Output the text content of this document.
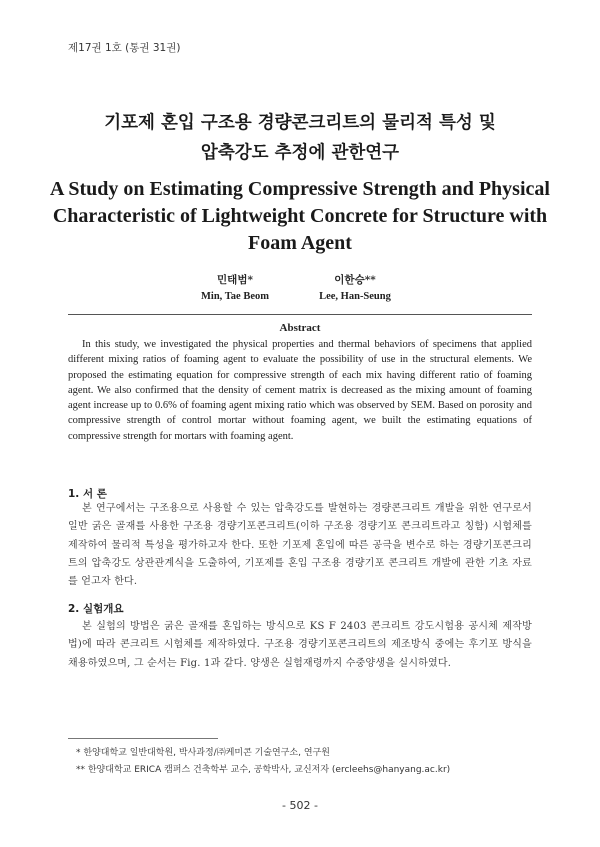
제17권 1호 (통권 31권)
기포제 혼입 구조용 경량콘크리트의 물리적 특성 및
압축강도 추정에 관한연구
A Study on Estimating Compressive Strength and Physical
Characteristic of Lightweight Concrete for Structure with
Foam Agent
민태범*
Min, Tae Beom
이한승**
Lee, Han-Seung
Abstract
In this study, we investigated the physical properties and thermal behaviors of specimens that applied different mixing ratios of foaming agent to evaluate the possibility of use in the structural elements. We proposed the estimating equation for compressive strength of each mix having different ratio of foaming agent. We also confirmed that the density of cement matrix is decreased as the mixing amount of foaming agent increase up to 0.6% of foaming agent mixing ratio which was observed by SEM. Based on porosity and compressive strength of control mortar without foaming agent, we built the estimating equations of compressive strength for mortars with foaming agent.
1. 서 론
본 연구에서는 구조용으로 사용할 수 있는 압축강도를 발현하는 경량콘크리트 개발을 위한 연구로서 일반 굵은 골재를 사용한 구조용 경량기포콘크리트(이하 구조용 경량기포 콘크리트라고 칭함) 시험체를 제작하여 물리적 특성을 평가하고자 한다. 또한 기포제 혼입에 따른 공극을 변수로 하는 경량기포콘크리트의 압축강도 상관관계식을 도출하여, 기포제를 혼입 구조용 경량기포 콘크리트 개발에 관한 기초 자료를 얻고자 한다.
2. 실험개요
본 실험의 방법은 굵은 골재를 혼입하는 방식으로 KS F 2403 콘크리트 강도시험용 공시체 제작방법)에 따라 콘크리트 시험체를 제작하였다. 구조용 경량기포콘크리트의 제조방식 중에는 후기포 방식을 채용하였으며, 그 순서는 Fig. 1과 같다. 양생은 실험재령까지 수중양생을 실시하였다.
* 한양대학교 일반대학원, 박사과정/㈜케미콘 기술연구소, 연구원
** 한양대학교 ERICA 캠퍼스 건축학부 교수, 공학박사, 교신저자 (ercleehs@hanyang.ac.kr)
- 502 -
